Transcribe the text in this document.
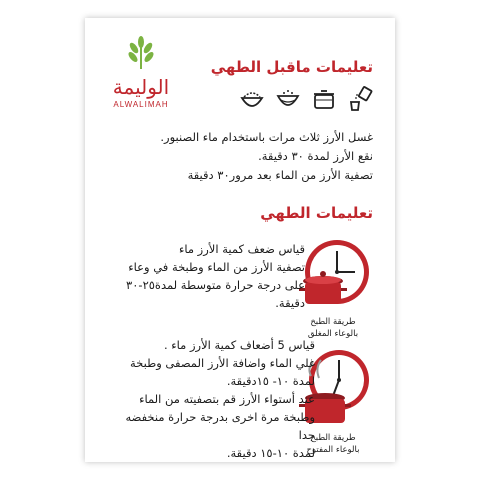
الوليمة
ALWALIMAH
تعليمات ماقبل الطهي
غسل الأرز ثلاث مرات باستخدام ماء الصنبور.
نقع الأرز لمدة ٣٠ دقيقة.
تصفية الأرز من الماء بعد مرور٣٠ دقيقة
تعليمات الطهي
طريقة الطبخ
بالوعاء المغلق
قياس ضعف كمية الأرز ماء
تصفية الأرز من الماء وطبخة في وعاء
على درجة حرارة متوسطة لمدة٢٥-٣٠
دقيقة.
طريقة الطبخ
بالوعاء المفتوح
قياس 5 أضعاف كمية الأرز ماء .
غلي الماء واضافة الأرز المصفى وطبخة
لمدة ١٠- ١٥دقيقة.
عند أستواء الأرز قم بتصفيته من الماء
وطبخة مرة اخرى بدرجة حرارة منخفضه جدا
لمدة ١٠-١٥ دقيقة.
